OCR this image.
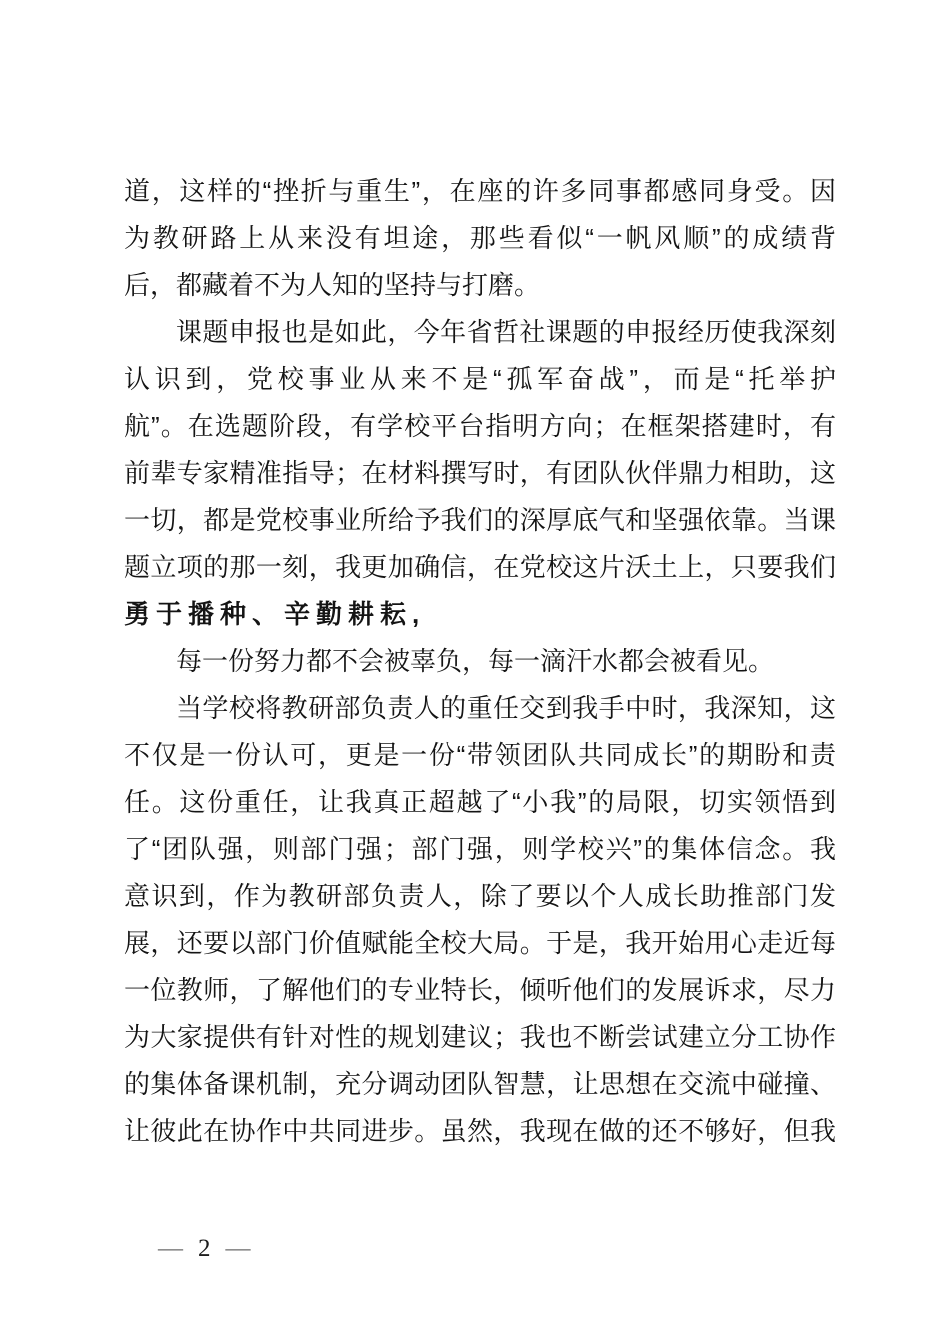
道，这样的“挫折与重生”，在座的许多同事都感同身受。因
为教研路上从来没有坦途，那些看似“一帆风顺”的成绩背
后，都藏着不为人知的坚持与打磨。
课题申报也是如此，今年省哲社课题的申报经历使我深刻
认识到，党校事业从来不是“孤军奋战”，而是“托举护
航”。在选题阶段，有学校平台指明方向；在框架搭建时，有
前辈专家精准指导；在材料撰写时，有团队伙伴鼎力相助，这
一切，都是党校事业所给予我们的深厚底气和坚强依靠。当课
题立项的那一刻，我更加确信，在党校这片沃土上，只要我们
勇于播种、辛勤耕耘,
每一份努力都不会被辜负，每一滴汗水都会被看见。
当学校将教研部负责人的重任交到我手中时，我深知，这
不仅是一份认可，更是一份“带领团队共同成长”的期盼和责
任。这份重任，让我真正超越了“小我”的局限，切实领悟到
了“团队强，则部门强；部门强，则学校兴”的集体信念。我
意识到，作为教研部负责人，除了要以个人成长助推部门发
展，还要以部门价值赋能全校大局。于是，我开始用心走近每
一位教师，了解他们的专业特长，倾听他们的发展诉求，尽力
为大家提供有针对性的规划建议；我也不断尝试建立分工协作
的集体备课机制，充分调动团队智慧，让思想在交流中碰撞、
让彼此在协作中共同进步。虽然，我现在做的还不够好，但我
— 2 —
